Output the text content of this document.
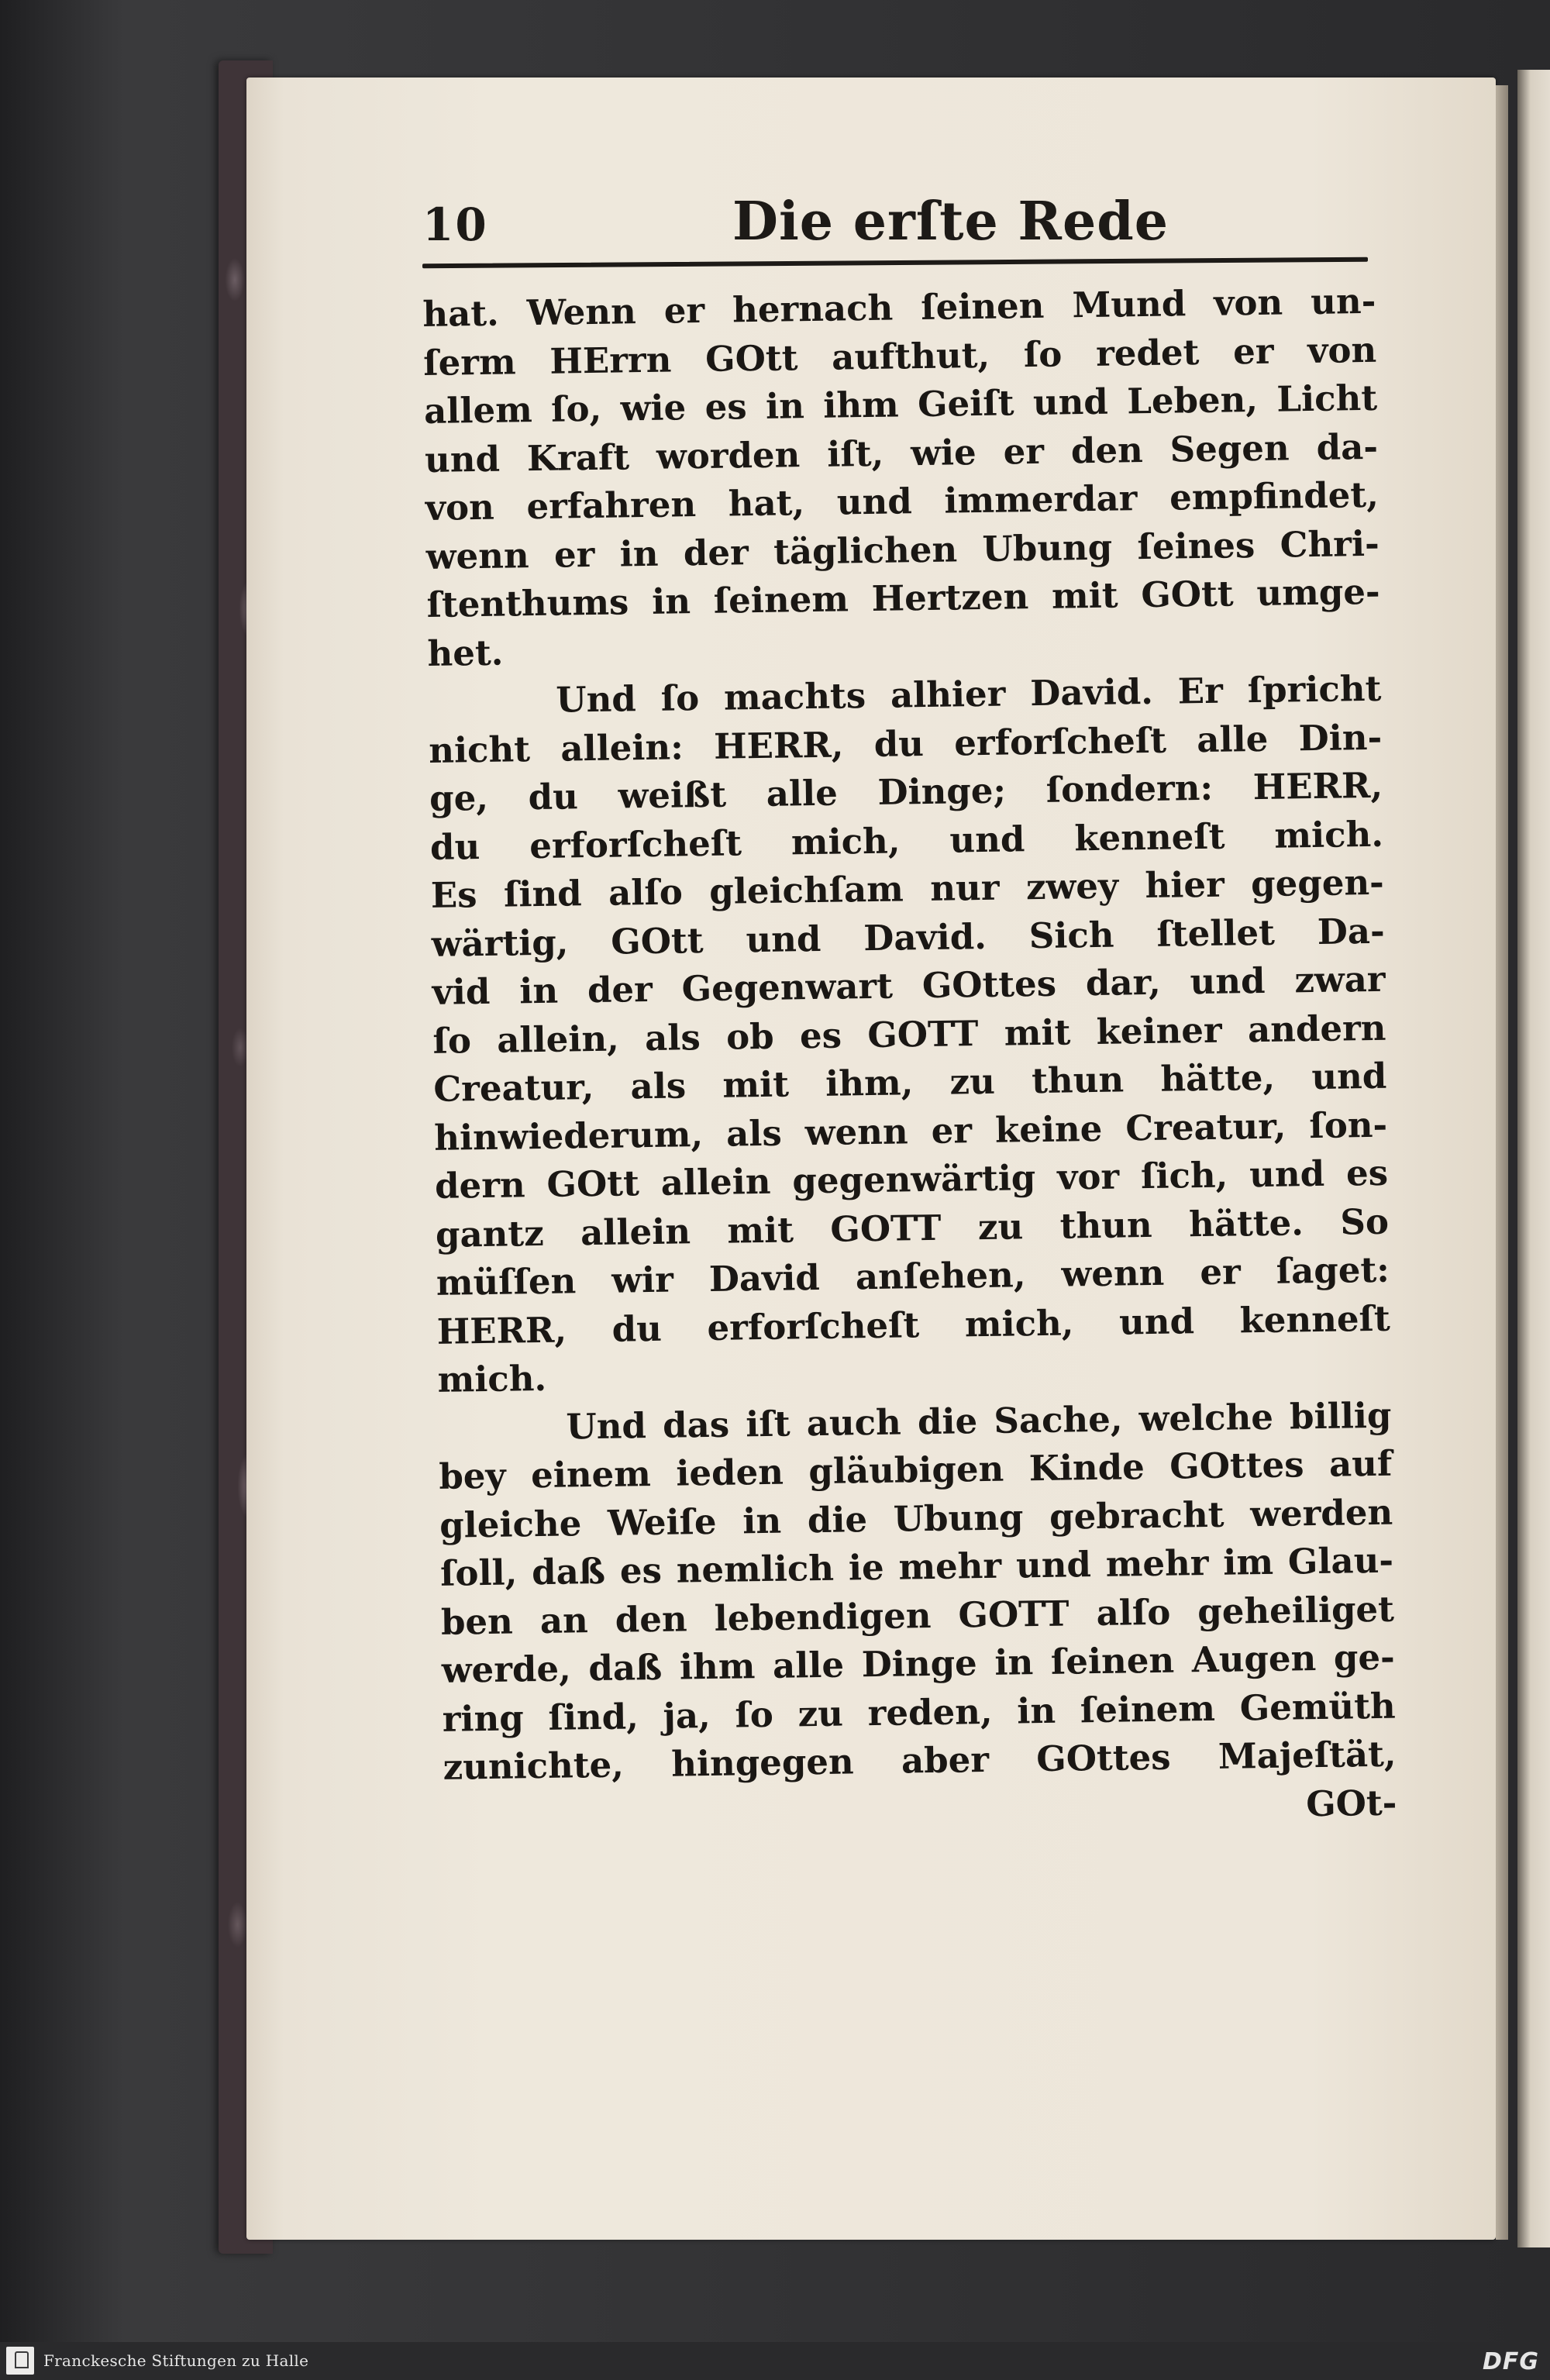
10	Die erſte Rede
hat. Wenn er hernach ſeinen Mund von un-
ſerm HErrn GOtt aufthut, ſo redet er von
allem ſo, wie es in ihm Geiſt und Leben, Licht
und Kraft worden iſt, wie er den Segen da-
von erfahren hat, und immerdar empfindet,
wenn er in der täglichen Ubung ſeines Chri-
ſtenthums in ſeinem Hertzen mit GOtt umge-
het.
Und ſo machts alhier David. Er ſpricht
nicht allein: HERR, du erforſcheſt alle Din-
ge, du weißt alle Dinge; ſondern: HERR,
du erforſcheſt mich, und kenneſt mich.
Es ſind alſo gleichſam nur zwey hier gegen-
wärtig, GOtt und David. Sich ſtellet Da-
vid in der Gegenwart GOttes dar, und zwar
ſo allein, als ob es GOTT mit keiner andern
Creatur, als mit ihm, zu thun hätte, und
hinwiederum, als wenn er keine Creatur, ſon-
dern GOtt allein gegenwärtig vor ſich, und es
gantz allein mit GOTT zu thun hätte. So
müſſen wir David anſehen, wenn er ſaget:
HERR, du erforſcheſt mich, und kenneſt
mich.
Und das iſt auch die Sache, welche billig
bey einem ieden gläubigen Kinde GOttes auf
gleiche Weiſe in die Ubung gebracht werden
ſoll, daß es nemlich ie mehr und mehr im Glau-
ben an den lebendigen GOTT alſo geheiliget
werde, daß ihm alle Dinge in ſeinen Augen ge-
ring ſind, ja, ſo zu reden, in ſeinem Gemüth
zunichte, hingegen aber GOttes Majeſtät,
GOt-
Franckesche Stiftungen zu Halle	DFG
